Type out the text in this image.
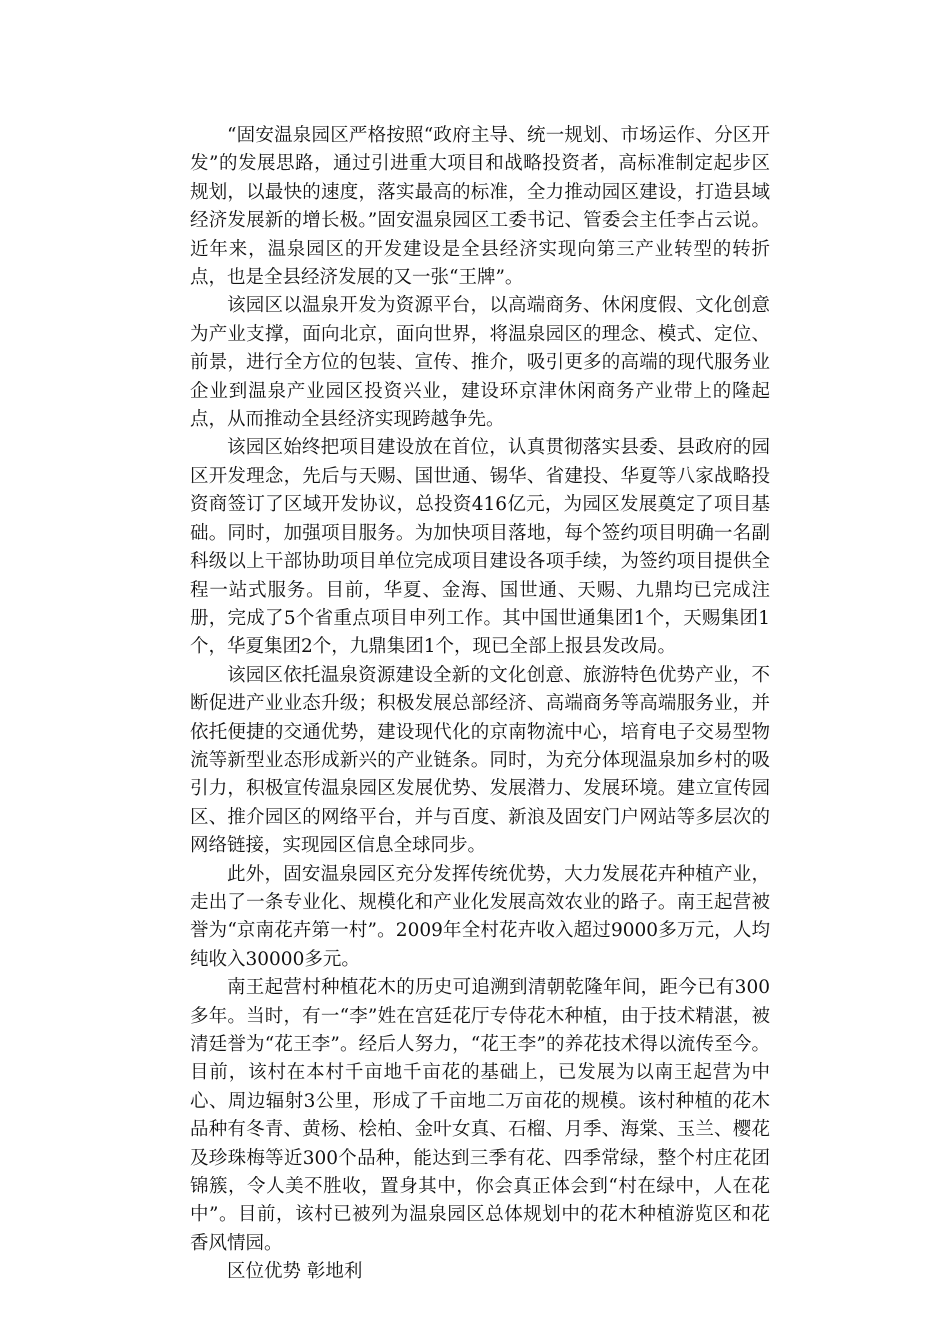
“固安温泉园区严格按照“政府主导、统一规划、市场运作、分区开发”的发展思路，通过引进重大项目和战略投资者，高标准制定起步区规划，以最快的速度，落实最高的标准，全力推动园区建设，打造县域经济发展新的增长极。”固安温泉园区工委书记、管委会主任李占云说。近年来，温泉园区的开发建设是全县经济实现向第三产业转型的转折点，也是全县经济发展的又一张“王牌”。

该园区以温泉开发为资源平台，以高端商务、休闲度假、文化创意为产业支撑，面向北京，面向世界，将温泉园区的理念、模式、定位、前景，进行全方位的包装、宣传、推介，吸引更多的高端的现代服务业企业到温泉产业园区投资兴业，建设环京津休闲商务产业带上的隆起点，从而推动全县经济实现跨越争先。

该园区始终把项目建设放在首位，认真贯彻落实县委、县政府的园区开发理念，先后与天赐、国世通、锡华、省建投、华夏等八家战略投资商签订了区域开发协议，总投资416亿元，为园区发展奠定了项目基础。同时，加强项目服务。为加快项目落地，每个签约项目明确一名副科级以上干部协助项目单位完成项目建设各项手续，为签约项目提供全程一站式服务。目前，华夏、金海、国世通、天赐、九鼎均已完成注册，完成了5个省重点项目申列工作。其中国世通集团1个，天赐集团1个，华夏集团2个，九鼎集团1个，现已全部上报县发改局。

该园区依托温泉资源建设全新的文化创意、旅游特色优势产业，不断促进产业业态升级；积极发展总部经济、高端商务等高端服务业，并依托便捷的交通优势，建设现代化的京南物流中心，培育电子交易型物流等新型业态形成新兴的产业链条。同时，为充分体现温泉加乡村的吸引力，积极宣传温泉园区发展优势、发展潜力、发展环境。建立宣传园区、推介园区的网络平台，并与百度、新浪及固安门户网站等多层次的网络链接，实现园区信息全球同步。

此外，固安温泉园区充分发挥传统优势，大力发展花卉种植产业，走出了一条专业化、规模化和产业化发展高效农业的路子。南王起营被誉为“京南花卉第一村”。2009年全村花卉收入超过9000多万元，人均纯收入30000多元。

南王起营村种植花木的历史可追溯到清朝乾隆年间，距今已有300多年。当时，有一“李”姓在宫廷花厅专侍花木种植，由于技术精湛，被清廷誉为“花王李”。经后人努力，“花王李”的养花技术得以流传至今。目前，该村在本村千亩地千亩花的基础上，已发展为以南王起营为中心、周边辐射3公里，形成了千亩地二万亩花的规模。该村种植的花木品种有冬青、黄杨、桧柏、金叶女真、石榴、月季、海棠、玉兰、樱花及珍珠梅等近300个品种，能达到三季有花、四季常绿，整个村庄花团锦簇，令人美不胜收，置身其中，你会真正体会到“村在绿中，人在花中”。目前，该村已被列为温泉园区总体规划中的花木种植游览区和花香风情园。

区位优势 彰地利
